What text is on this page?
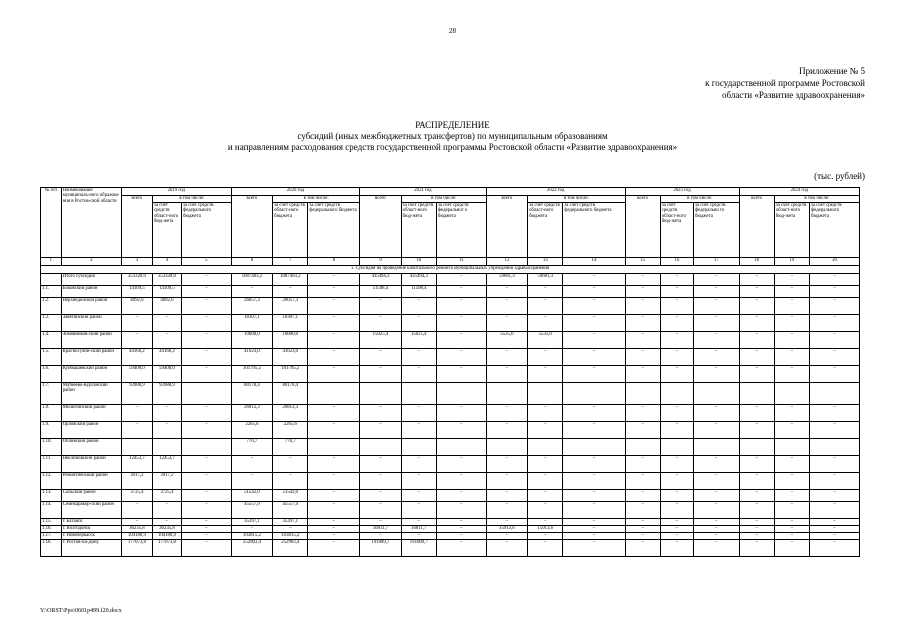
28
Приложение № 5
к государственной программе Ростовской
области «Развитие здравоохранения»
РАСПРЕДЕЛЕНИЕ
субсидий (иных межбюджетных трансфертов) по муниципальным образованиям
и направлениям расходования средств государственной программы Ростовской области «Развитие здравоохранения»
(тыс. рублей)
№ п/п	Наименование муниципаль-ного образова-ния в Ростов-ской области	2019 год			2020 год			2021 год			2022 год			2023 год			2024 год		
		всего	в том числе:		всего	в том числе:		всего	в том числе:		всего	в том числе:		всего	в том числе:		всего	в том числе:	
			за счет средств област-ного бюд-жета	за счет средств федерального бюджета		за счет средств област-ного бюджета	за счет средств федерального бюджета		за счет средств област-ного бюд-жета	за счет средств федеральног о бюджета		за счет средств област-ного бюджета	за счет средств федерального бюджета		за счет средств област-ного бюд-жета	за счет средств федерально го бюджета		за счет средств област-ного бюд-жета	за счет средств федерального бюджета
1	2	3	4	5	6	7	8	9	10	11	12	13	14	15	16	17	18	19	20
1. Субсидия на проведение капитального ремонта муниципальных учреждений здравоохранения																			
	Итого субсидия	353328,0	353328,0	–	1087403,2	1087403,2	–	435494,3	435494,3	–	59681,3	59681,3	–	–	–	–	–	–	–
1.1.	Боковский район	14109,5	14109,5	–	–	–	–	11598,4	11598,4	–	–	–	–	–	–	–	–	–	–
1.2.	Верхнедонской район	4092,6	4092,6	–	26057,3	26057,3	–	–	–	–	–	–	–	–	–	–	–	–	–
1.3.	Заветинский район	–	–	–	18307,1	18307,1	–	–	–	–	–	–	–	–	–	–	–	–	–
1.4.	Зимовников-ский район	–	–	–	10000,0	10000,0	–	15025,4	15025,4	–	5535,0	5535,0	–	–	–	–	–	–	–
1.5.	Красносулин-ский район	44168,2	44168,2	–	41623,0	41623,0	–	–	–	–	–	–	–	–	–	–	–	–	–
1.6.	Куйбышевский район	59408,0	59408,0	–	101795,2	101795,2	–	–	–	–	–	–	–	–	–	–	–	–	–
1.7.	Матвеево-Курганский район	93988,9	93988,9		80178,4	80178,4													
1.8.	Милютинский район	–	–	–	26812,3	26812,3	–	–	–	–	–	–	–	–	–	–	–	–	–
1.9.	Орловский район	–	–	–	2265,6	2265,6	–	–	–	–	–	–	–	–	–	–	–	–	–
1.10.	Обливский район				770,7	770,7													
1.11.	Неклиновский район	12453,7	12453,7	–	–	–	–	–	–	–	–	–	–	–	–	–	–	–	–
1.12.	Ремонтненский район	3917,2	3917,2	–	–	–	–	–	–	–	–	–	–	–	–	–	–	–	–
1.13.	Сальский район	3725,4	3725,4	–	51542,0	51542,0	–	–	–	–	–	–	–	–	–	–	–	–	–
1.14.	Семикаракор-ский район	–	–	–	45557,9	45557,9	–	–	–	–	–	–	–	–	–	–	–	–	–
1.15.	г. Батайск	–	–	–	35397,1	35397,1	–	–	–	–	–	–	–	–	–	–	–	–	–
1.16.	г. Волгодонск	36235,8	36235,8	–	–	–	–	16811,7	16811,7	–	15913,6	15913,6	–	–	–	–	–	–	–
1.17.	г. Новочеркасск	104180,9	104180,9	–	103815,2	103815,2	–	–	–	–	–	–	–	–	–	–	–	–	–
1.18.	г. Ростов-на-Дону	177073,8	177073,8	–	252903,4	252903,4	–	191089,7	191089,7	–	–	–	–	–	–	–	–	–	–
Y:\ORST\Ppo\0601p499.f20.docx
